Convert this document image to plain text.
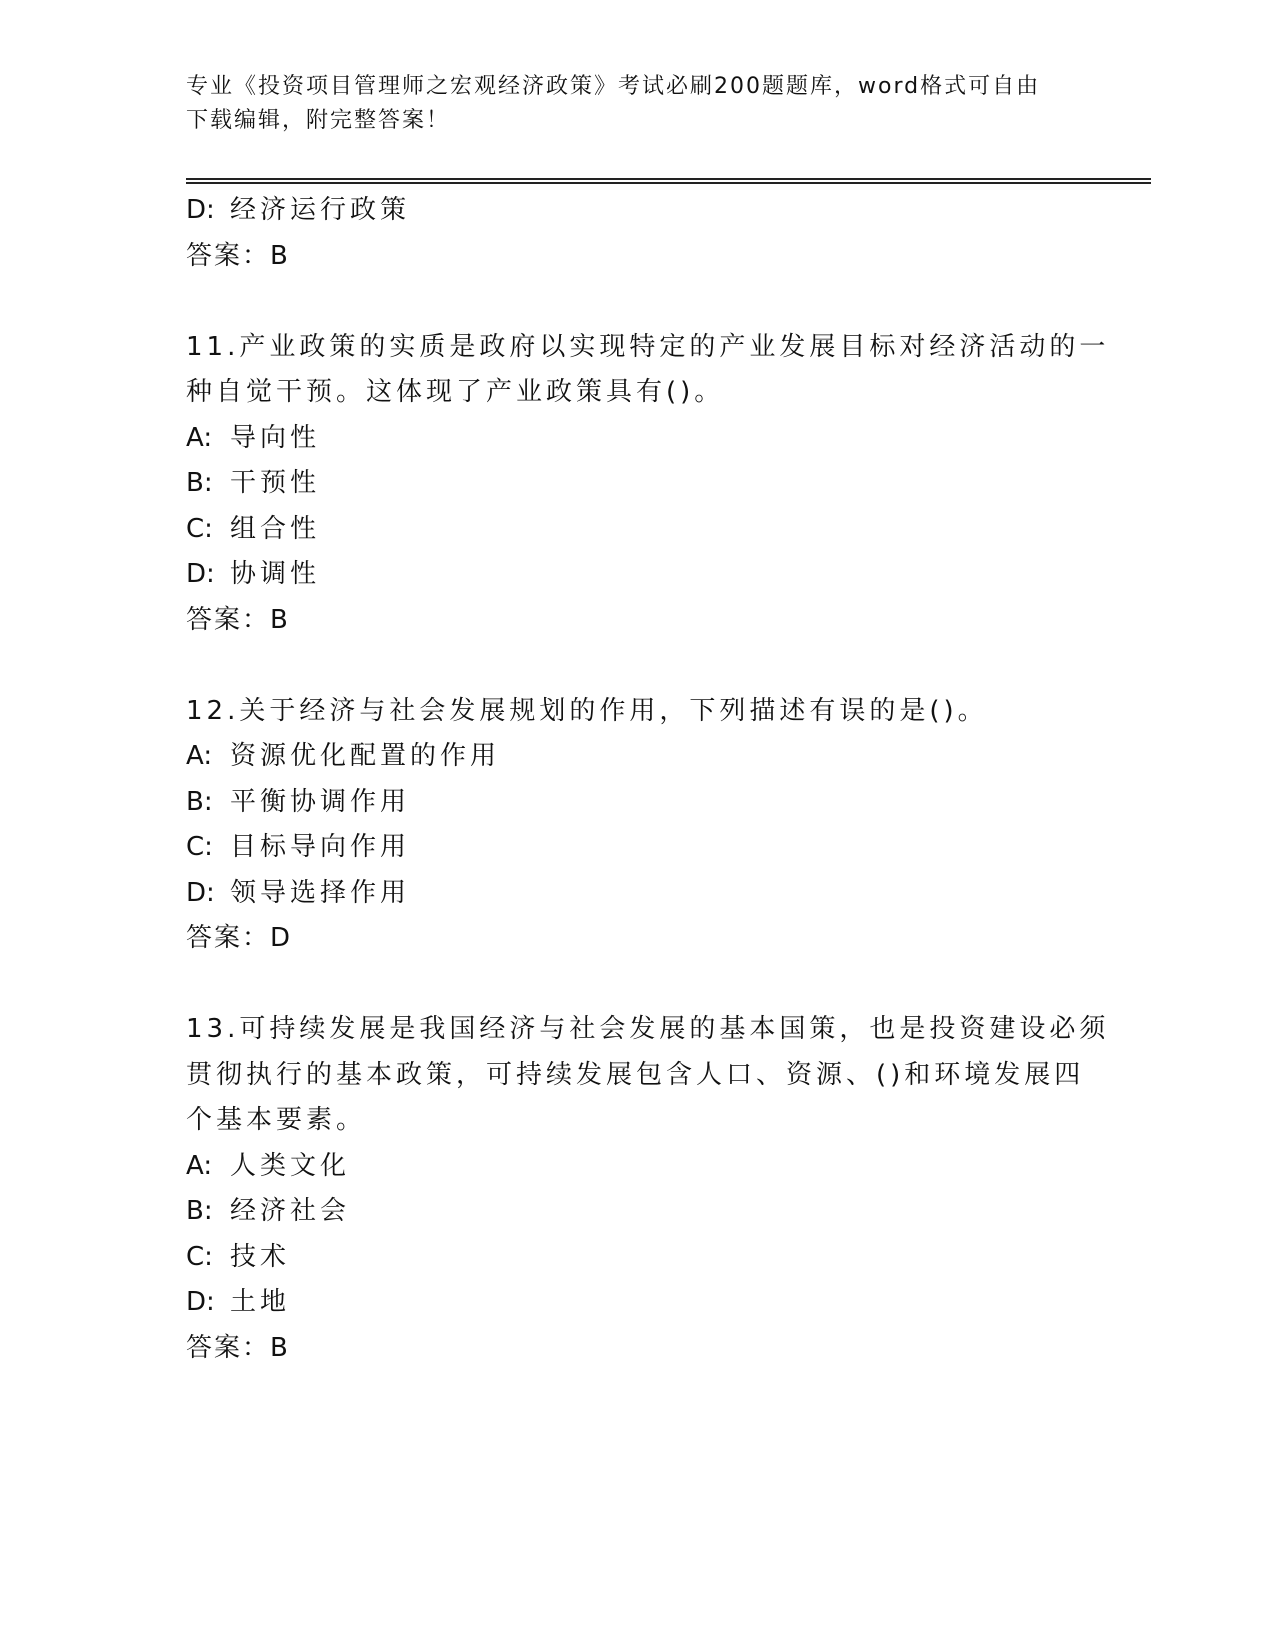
专业《投资项目管理师之宏观经济政策》考试必刷200题题库，word格式可自由
下载编辑，附完整答案！
D: 经济运行政策
答案：B
11.产业政策的实质是政府以实现特定的产业发展目标对经济活动的一
种自觉干预。这体现了产业政策具有()。
A: 导向性
B: 干预性
C: 组合性
D: 协调性
答案：B
12.关于经济与社会发展规划的作用，下列描述有误的是()。
A: 资源优化配置的作用
B: 平衡协调作用
C: 目标导向作用
D: 领导选择作用
答案：D
13.可持续发展是我国经济与社会发展的基本国策，也是投资建设必须
贯彻执行的基本政策，可持续发展包含人口、资源、()和环境发展四
个基本要素。
A: 人类文化
B: 经济社会
C: 技术
D: 土地
答案：B
